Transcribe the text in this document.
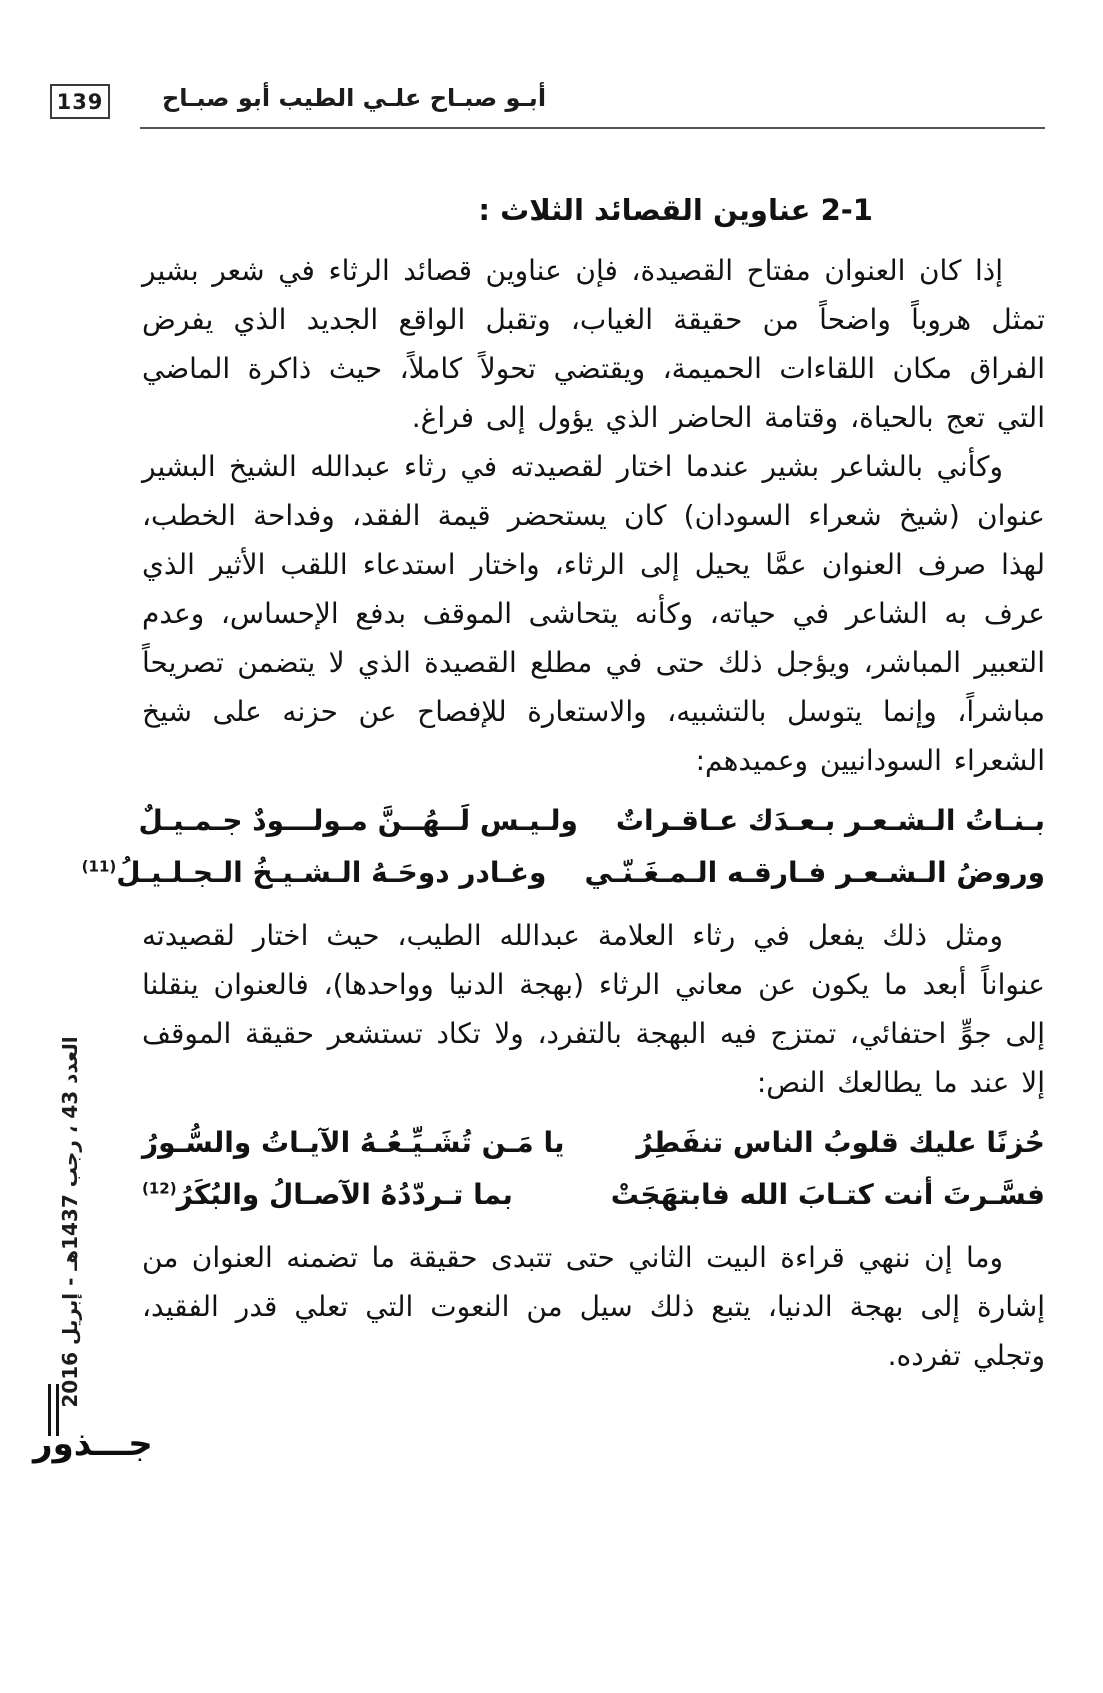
139 أبـو صبـاح علـي الطيب أبو صبـاح
2-1 عناوين القصائد الثلاث :

إذا كان العنوان مفتاح القصيدة، فإن عناوين قصائد الرثاء في شعر بشير تمثل هروباً واضحاً من حقيقة الغياب، وتقبل الواقع الجديد الذي يفرض الفراق مكان اللقاءات الحميمة، ويقتضي تحولاً كاملاً، حيث ذاكرة الماضي التي تعج بالحياة، وقتامة الحاضر الذي يؤول إلى فراغ.

وكأني بالشاعر بشير عندما اختار لقصيدته في رثاء عبدالله الشيخ البشير عنوان (شيخ شعراء السودان) كان يستحضر قيمة الفقد، وفداحة الخطب، لهذا صرف العنوان عمَّا يحيل إلى الرثاء، واختار استدعاء اللقب الأثير الذي عرف به الشاعر في حياته، وكأنه يتحاشى الموقف بدفع الإحساس، وعدم التعبير المباشر، ويؤجل ذلك حتى في مطلع القصيدة الذي لا يتضمن تصريحاً مباشراً، وإنما يتوسل بالتشبيه، والاستعارة للإفصاح عن حزنه على شيخ الشعراء السودانيين وعميدهم:

بـنـاتُ الـشـعـر بـعـدَك عـاقـراتٌ
ولـيـس لَــهُــنَّ مـولـــودٌ جـمـيـلٌ
وروضُ الـشـعـر فـارقـه الـمـغَـنّـي
وغـادر دوحَـهُ الـشـيـخُ الـجـلـيـلُ$^{(11)}$

ومثل ذلك يفعل في رثاء العلامة عبدالله الطيب، حيث اختار لقصيدته عنواناً أبعد ما يكون عن معاني الرثاء (بهجة الدنيا وواحدها)، فالعنوان ينقلنا إلى جوٍّ احتفائي، تمتزج فيه البهجة بالتفرد، ولا تكاد تستشعر حقيقة الموقف إلا عند ما يطالعك النص:

حُزنًا عليك قلوبُ الناس تنفَطِرُ
يا مَـن تُشَـيِّـعُـهُ الآيـاتُ والسُّـورُ
فسَّـرتَ أنت كتـابَ الله فابتهَجَتْ
بما تـردّدُهُ الآصـالُ والبُكَرُ$^{(12)}$

وما إن ننهي قراءة البيت الثاني حتى تتبدى حقيقة ما تضمنه العنوان من إشارة إلى بهجة الدنيا، يتبع ذلك سيل من النعوت التي تعلي قدر الفقيد، وتجلي تفرده.

العدد 43 ، رجب 1437هـ - إبريل 2016
جـــذور
